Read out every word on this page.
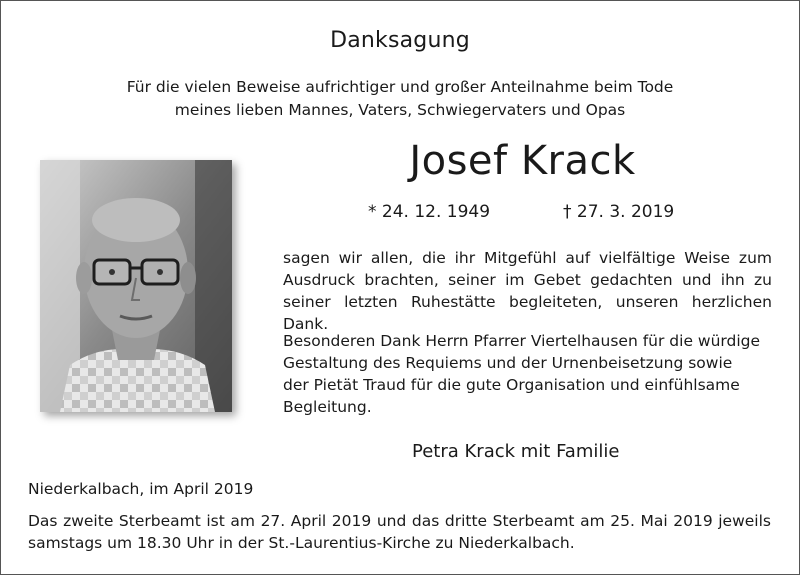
Danksagung
Für die vielen Beweise aufrichtiger und großer Anteilnahme beim Tode
meines lieben Mannes, Vaters, Schwiegervaters und Opas
Josef Krack
* 24. 12. 1949	† 27. 3. 2019

sagen wir allen, die ihr Mitgefühl auf vielfältige Weise zum Ausdruck brachten, seiner im Gebet gedachten und ihn zu seiner letzten Ruhestätte begleiteten, unseren herzlichen Dank.

Besonderen Dank Herrn Pfarrer Viertelhausen für die würdige
Gestaltung des Requiems und der Urnenbeisetzung sowie
der Pietät Traud für die gute Organisation und einfühlsame
Begleitung.
Petra Krack mit Familie
Niederkalbach, im April 2019

Das zweite Sterbeamt ist am 27. April 2019 und das dritte Sterbeamt am 25. Mai 2019 jeweils samstags um 18.30 Uhr in der St.-Laurentius-Kirche zu Niederkalbach.
